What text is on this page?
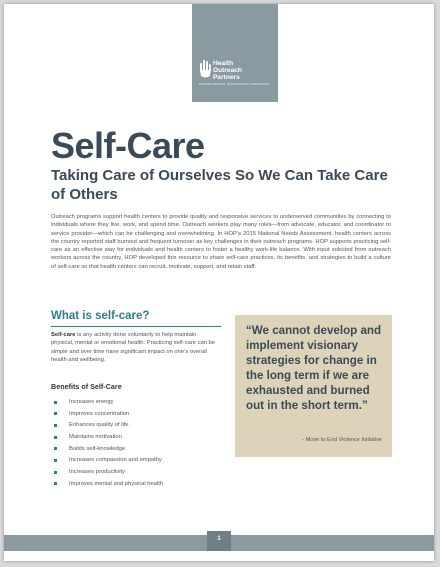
Health
Outreach
Partners
BUILDING BRIDGES, TRANSFORMING COMMUNITIES
Self-Care
Taking Care of Ourselves So We Can Take Care of Others

Outreach programs support health centers to provide quality and responsive services to underserved communities by connecting to individuals where they live, work, and spend time. Outreach workers play many roles—from advocate, educator, and coordinator to service provider—which can be challenging and overwhelming. In HOP’s 2015 National Needs Assessment, health centers across the country reported staff burnout and frequent turnover as key challenges in their outreach programs. HOP supports practicing self-care as an effective way for individuals and health centers to foster a healthy work-life balance. With input solicited from outreach workers across the country, HOP developed this resource to share self-care practices, its benefits, and strategies to build a culture of self-care so that health centers can recruit, motivate, support, and retain staff.

What is self-care?

Self-care is any activity done voluntarily to help maintain physical, mental or emotional health. Practicing self-care can be simple and over time have significant impact on one’s overall health and wellbeing.

Benefits of Self-Care
Increases energy
Improves concentration
Enhances quality of life
Maintains motivation
Builds self-knowledge
Increases compassion and empathy
Increases productivity
Improves mental and physical health

“We cannot develop and implement visionary strategies for change in the long term if we are exhausted and burned out in the short term.”

- Move to End Violence Initiative

1
